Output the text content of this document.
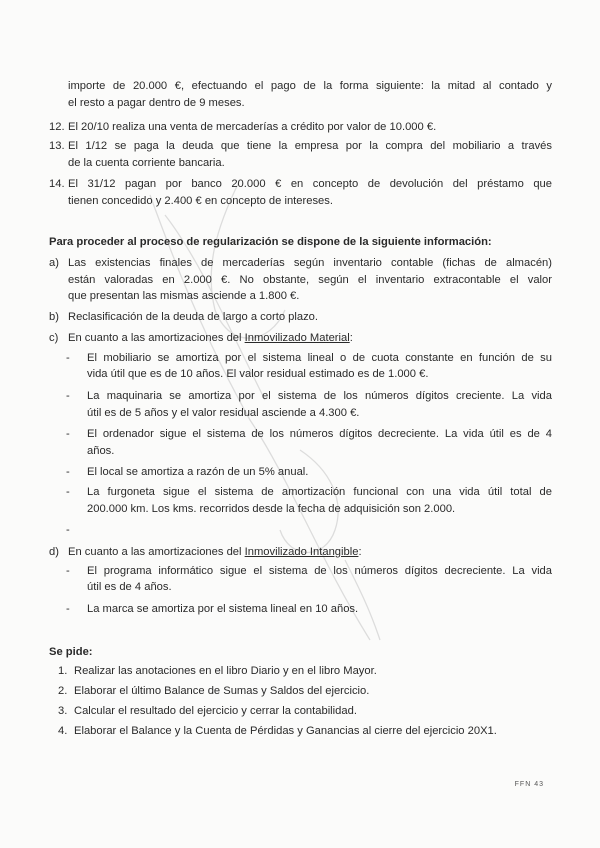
importe de 20.000 €, efectuando el pago de la forma siguiente: la mitad al contado y
el resto a pagar dentro de 9 meses.
12. El 20/10 realiza una venta de mercaderías a crédito por valor de 10.000 €.
13. El 1/12 se paga la deuda que tiene la empresa por la compra del mobiliario a través
de la cuenta corriente bancaria.
14. El 31/12 pagan por banco 20.000 € en concepto de devolución del préstamo que
tienen concedido y 2.400 € en concepto de intereses.
Para proceder al proceso de regularización se dispone de la siguiente información:
a) Las existencias finales de mercaderías según inventario contable (fichas de almacén)
están valoradas en 2.000 €. No obstante, según el inventario extracontable el valor
que presentan las mismas asciende a 1.800 €.
b) Reclasificación de la deuda de largo a corto plazo.
c) En cuanto a las amortizaciones del Inmovilizado Material:
- El mobiliario se amortiza por el sistema lineal o de cuota constante en función de su
vida útil que es de 10 años. El valor residual estimado es de 1.000 €.
- La maquinaria se amortiza por el sistema de los números dígitos creciente. La vida
útil es de 5 años y el valor residual asciende a 4.300 €.
- El ordenador sigue el sistema de los números dígitos decreciente. La vida útil es de 4
años.
- El local se amortiza a razón de un 5% anual.
- La furgoneta sigue el sistema de amortización funcional con una vida útil total de
200.000 km. Los kms. recorridos desde la fecha de adquisición son 2.000.
-
d) En cuanto a las amortizaciones del Inmovilizado Intangible:
- El programa informático sigue el sistema de los números dígitos decreciente. La vida
útil es de 4 años.
- La marca se amortiza por el sistema lineal en 10 años.
Se pide:
1. Realizar las anotaciones en el libro Diario y en el libro Mayor.
2. Elaborar el último Balance de Sumas y Saldos del ejercicio.
3. Calcular el resultado del ejercicio y cerrar la contabilidad.
4. Elaborar el Balance y la Cuenta de Pérdidas y Ganancias al cierre del ejercicio 20X1.
FFN 43
